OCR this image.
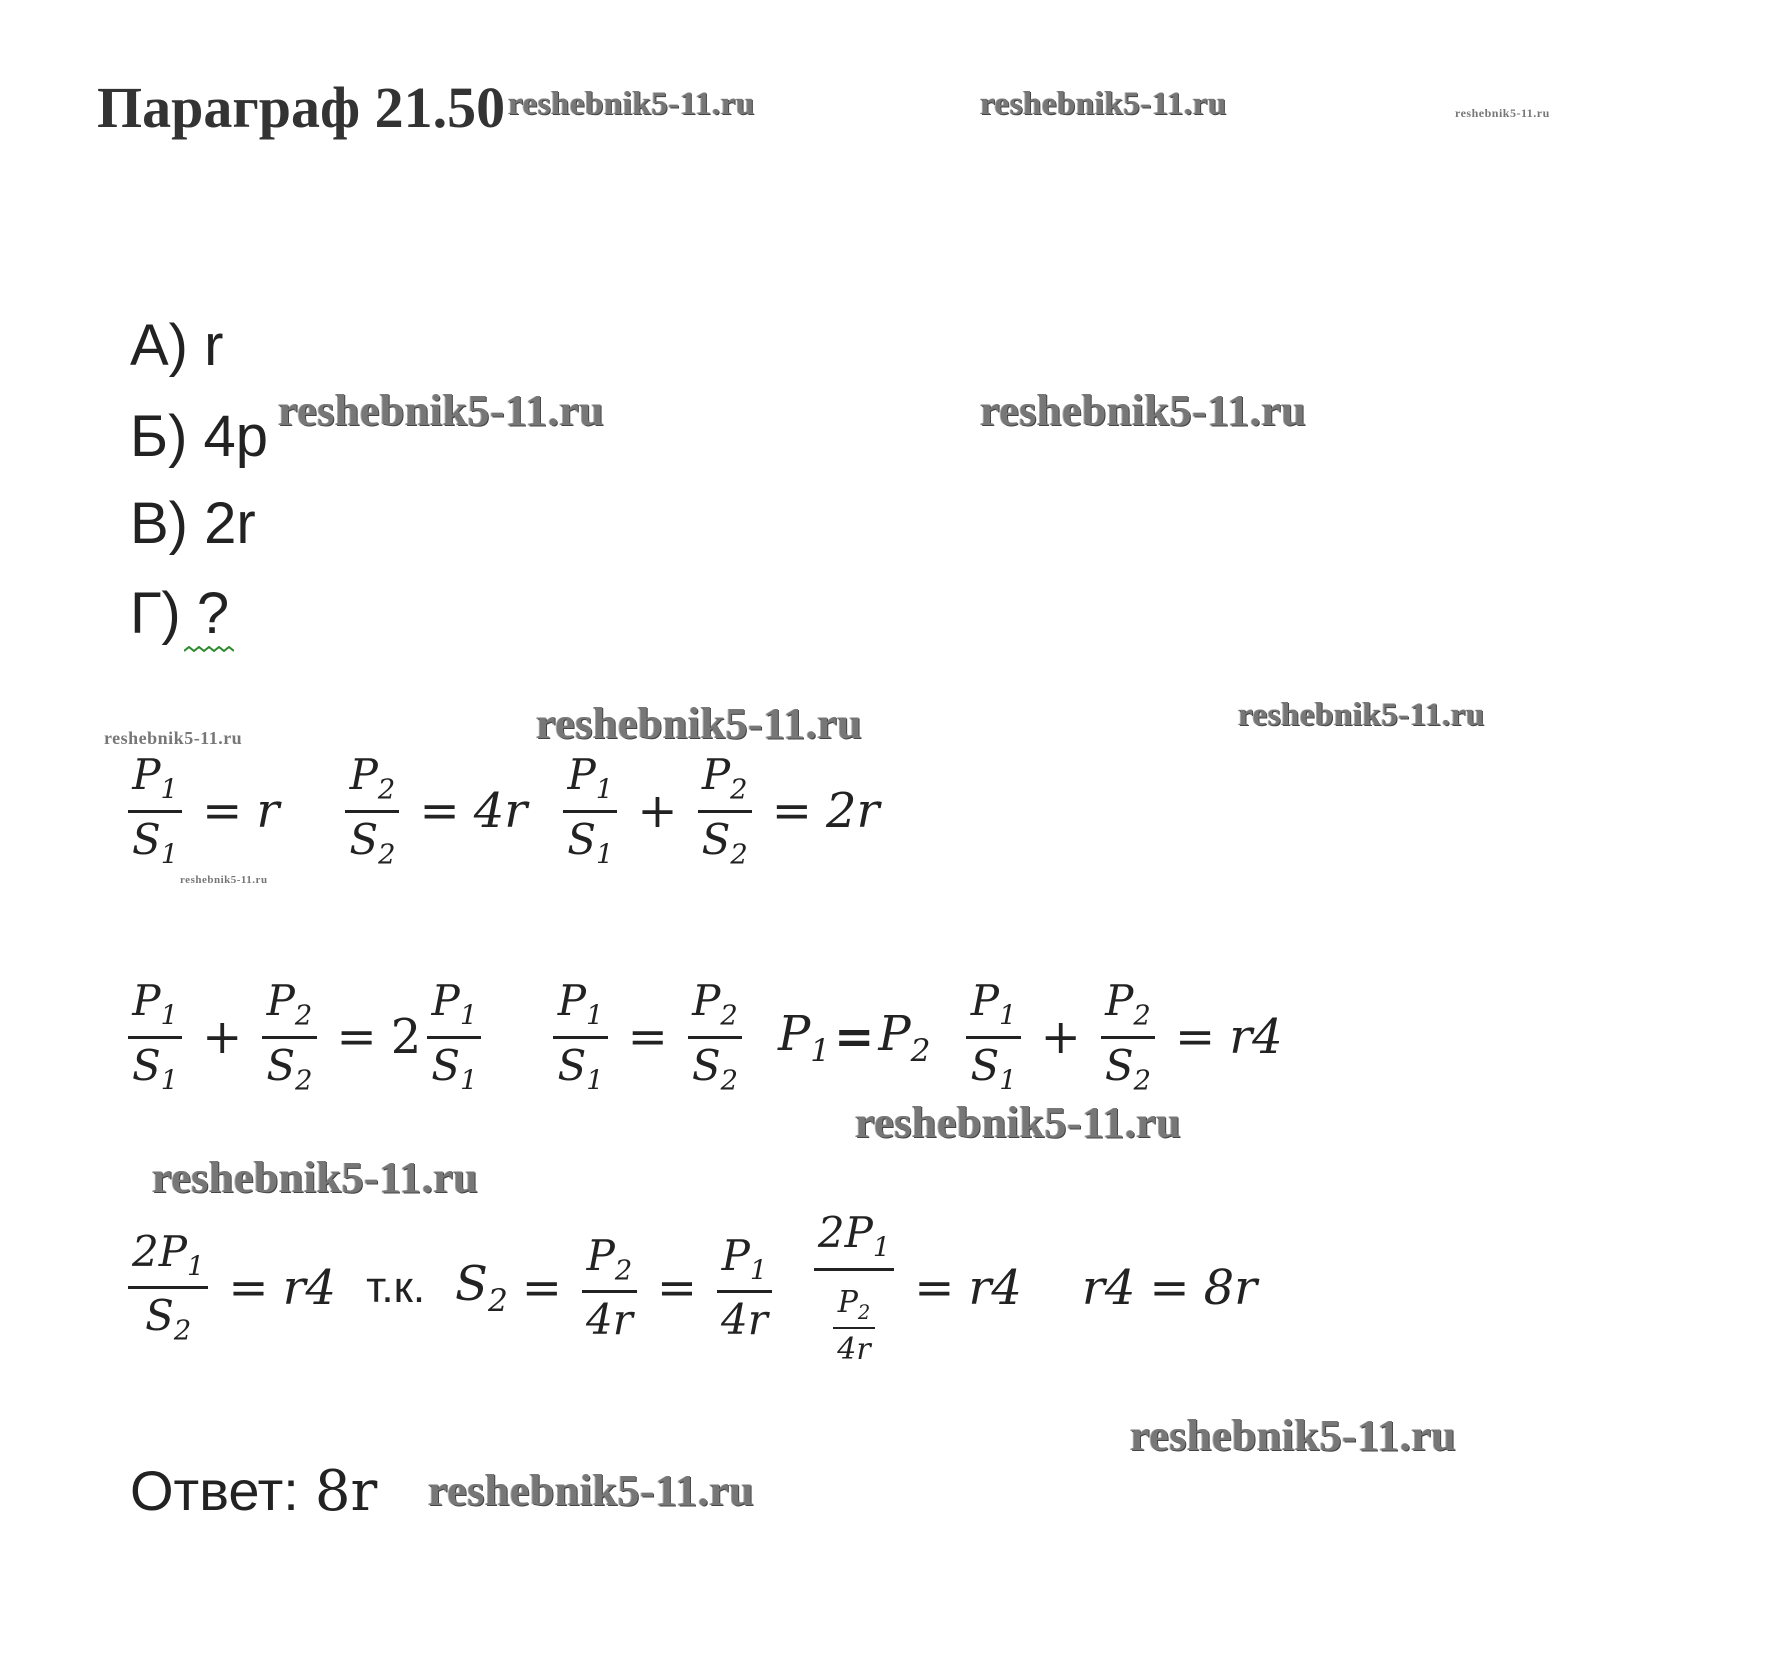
Параграф 21.50 reshebnik5-11.ru	reshebnik5-11.ru	reshebnik5-11.ru
reshebnik5-11.ru	reshebnik5-11.ru
reshebnik5-11.ru	reshebnik5-11.ru	reshebnik5-11.ru
reshebnik5-11.ru
reshebnik5-11.ru
reshebnik5-11.ru
reshebnik5-11.ru
reshebnik5-11.ru
А) r
Б) 4p
В) 2r
Г) ?
$\frac{P_1}{S_1} = r \frac{P_2}{S_2} = 4r \frac{P_1}{S_1} + \frac{P_2}{S_2} = 2r$
$\frac{P_1}{S_1} + \frac{P_2}{S_2} = 2 \frac{P_1}{S_1} \frac{P_1}{S_1} = \frac{P_2}{S_2} P_1 = P_2 \frac{P_1}{S_1} + \frac{P_2}{S_2} = r4$
$\frac{2P_1}{S_2} = r4$ т.к. $S_2 = \frac{P_2}{4r} = \frac{P_1}{4r} \frac{2P_1}{\frac{P_2}{4r}} = r4$ r4 = 8r
Ответ: 8r
